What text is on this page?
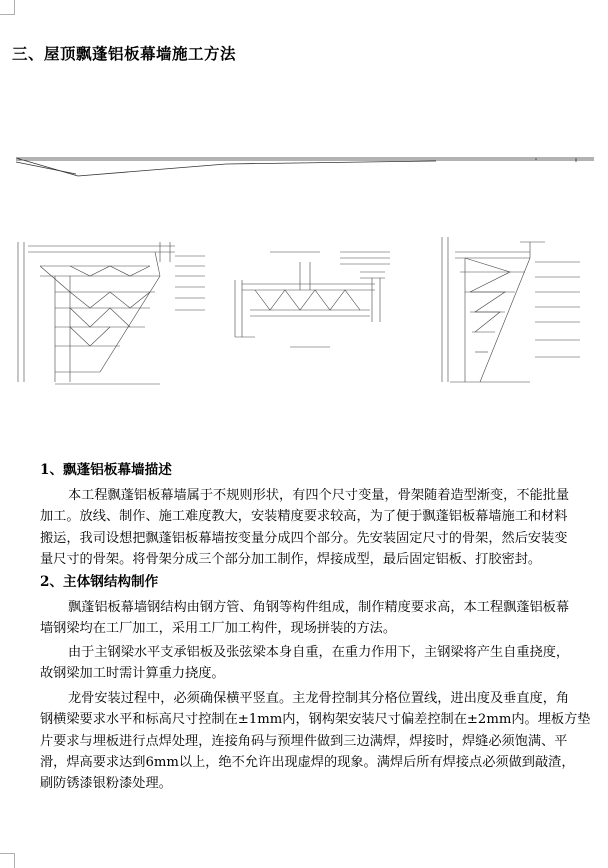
三、屋顶飘蓬铝板幕墙施工方法
1、飘蓬铝板幕墙描述
本工程飘蓬铝板幕墙属于不规则形状，有四个尺寸变量，骨架随着造型渐变，不能批量
加工。放线、制作、施工难度教大，安装精度要求较高，为了便于飘蓬铝板幕墙施工和材料
搬运，我司设想把飘蓬铝板幕墙按变量分成四个部分。先安装固定尺寸的骨架，然后安装变
量尺寸的骨架。将骨架分成三个部分加工制作，焊接成型，最后固定铝板、打胶密封。
2、主体钢结构制作
飘蓬铝板幕墙钢结构由钢方管、角钢等构件组成，制作精度要求高，本工程飘蓬铝板幕
墙钢梁均在工厂加工，采用工厂加工构件，现场拼装的方法。
由于主钢梁水平支承铝板及张弦梁本身自重，在重力作用下，主钢梁将产生自重挠度，
故钢梁加工时需计算重力挠度。
龙骨安装过程中，必须确保横平竖直。主龙骨控制其分格位置线，进出度及垂直度，角
钢横梁要求水平和标高尺寸控制在±1mm内，钢构架安装尺寸偏差控制在±2mm内。埋板方垫
片要求与埋板进行点焊处理，连接角码与预埋件做到三边满焊，焊接时，焊缝必须饱满、平
滑，焊高要求达到6mm以上，绝不允许出现虚焊的现象。满焊后所有焊接点必须做到敲渣，
刷防锈漆银粉漆处理。
